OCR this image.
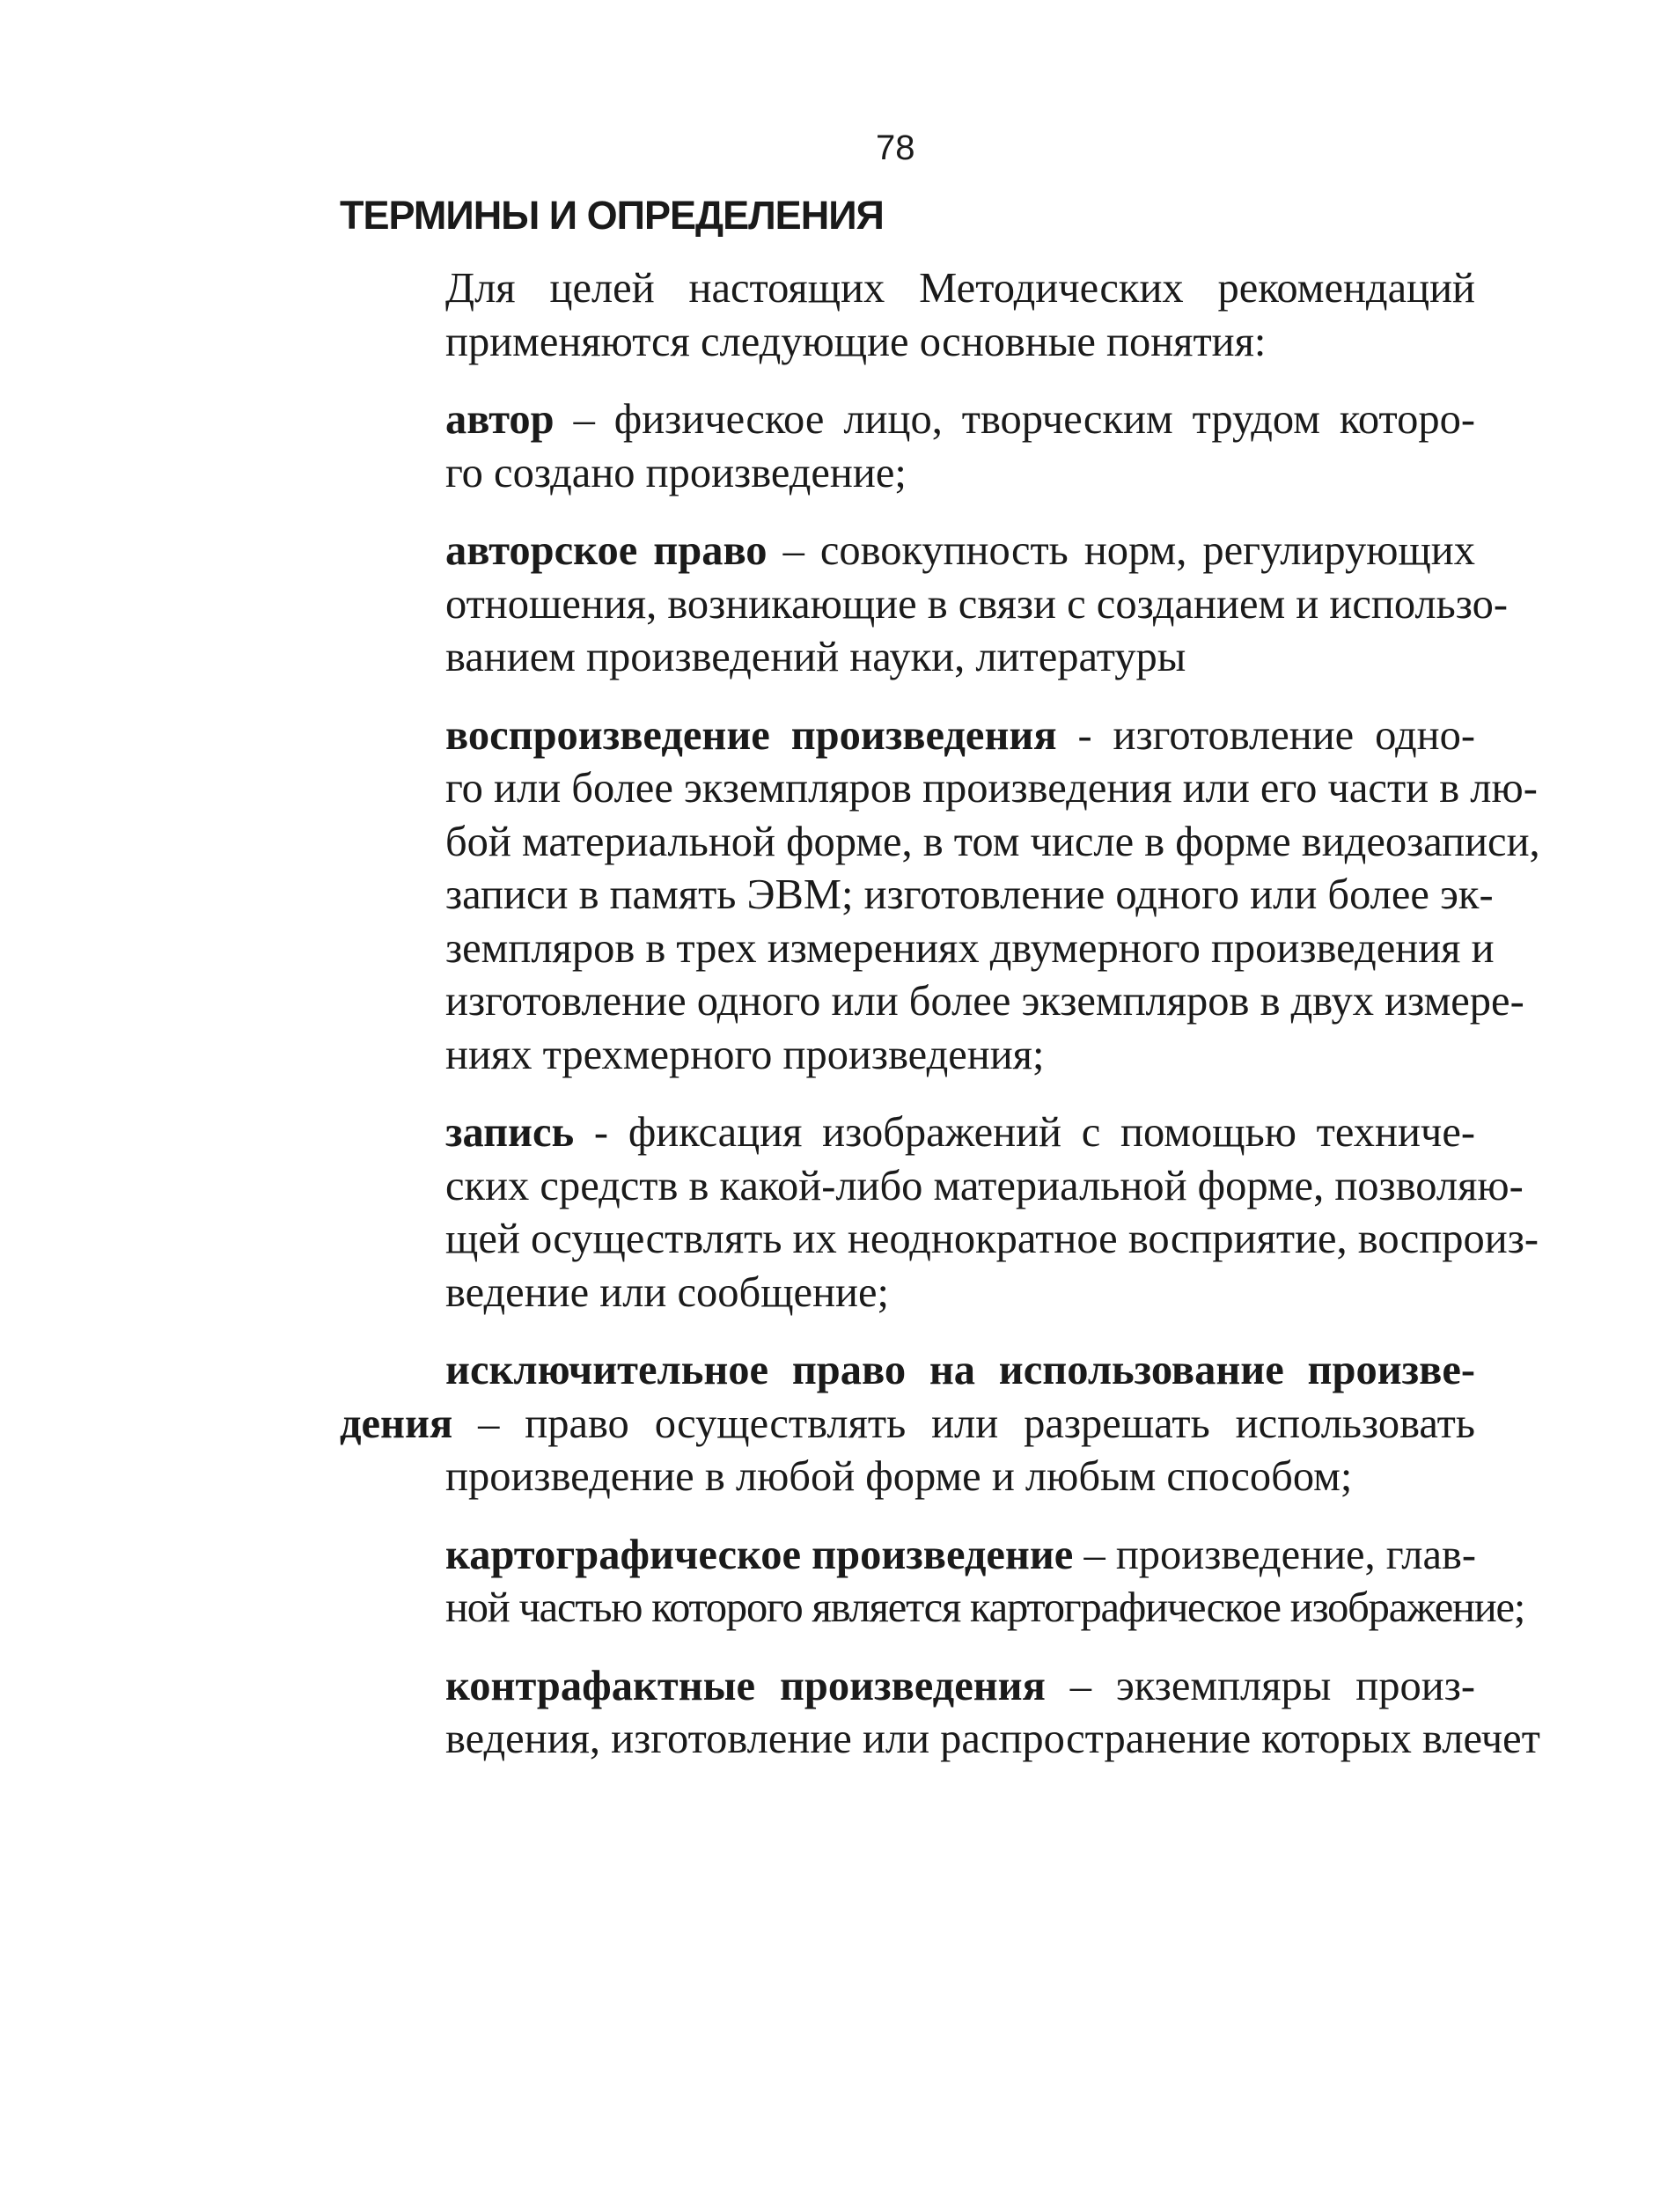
78
ТЕРМИНЫ И ОПРЕДЕЛЕНИЯ

Для целей настоящих Методических рекомендаций
применяются следующие основные понятия:

автор – физическое лицо, творческим трудом которо-
го создано произведение;

авторское право – совокупность норм, регулирующих
отношения, возникающие в связи с созданием и использо-
ванием произведений науки, литературы

воспроизведение произведения - изготовление одно-
го или более экземпляров произведения или его части в лю-
бой материальной форме, в том числе в форме видеозаписи,
записи в память ЭВМ; изготовление одного или более эк-
земпляров в трех измерениях двумерного произведения и
изготовление одного или более экземпляров в двух измере-
ниях трехмерного произведения;

запись - фиксация изображений с помощью техниче-
ских средств в какой-либо материальной форме, позволяю-
щей осуществлять их неоднократное восприятие, воспроиз-
ведение или сообщение;

исключительное право на использование произве-
дения – право осуществлять или разрешать использовать
произведение в любой форме и любым способом;

картографическое произведение – произведение, глав-
ной частью которого является картографическое изображение;

контрафактные произведения – экземпляры произ-
ведения, изготовление или распространение которых влечет
